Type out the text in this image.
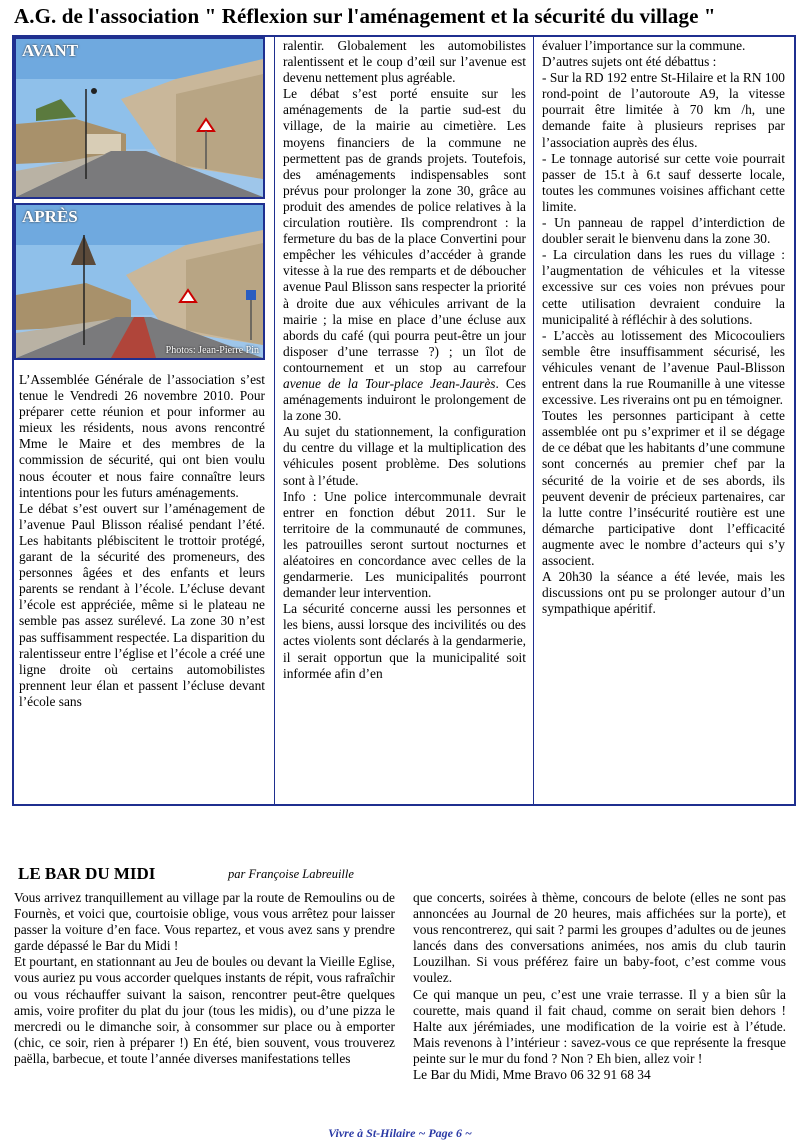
A.G. de l'association " Réflexion sur l'aménagement et la sécurité du village "
AVANT
APRÈS
Photos: Jean-Pierre Pin

L’Assemblée Générale de l’association s’est tenue le Vendredi 26 novembre 2010. Pour préparer cette réunion et pour informer au mieux les résidents, nous avons rencontré Mme le Maire et des membres de la commission de sécurité, qui ont bien voulu nous écouter et nous faire connaître leurs intentions pour les futurs aménagements.

Le débat s’est ouvert sur l’aménagement de l’avenue Paul Blisson réalisé pendant l’été. Les habitants plébiscitent le trottoir protégé, garant de la sécurité des promeneurs, des personnes âgées et des enfants et leurs parents se rendant à l’école. L’écluse devant l’école est appréciée, même si le plateau ne semble pas assez surélevé. La zone 30 n’est pas suffisamment respectée. La disparition du ralentisseur entre l’église et l’école a créé une ligne droite où certains automobilistes prennent leur élan et passent l’écluse devant l’école sans

ralentir. Globalement les automobilistes ralentissent et le coup d’œil sur l’avenue est devenu nettement plus agréable.

Le débat s’est porté ensuite sur les aménagements de la partie sud-est du village, de la mairie au cimetière. Les moyens financiers de la commune ne permettent pas de grands projets. Toutefois, des aménagements indispensables sont prévus pour prolonger la zone 30, grâce au produit des amendes de police relatives à la circulation routière. Ils comprendront : la fermeture du bas de la place Convertini pour empêcher les véhicules d’accéder à grande vitesse à la rue des remparts et de déboucher avenue Paul Blisson sans respecter la priorité à droite due aux véhicules arrivant de la mairie ; la mise en place d’une écluse aux abords du café (qui pourra peut-être un jour disposer d’une terrasse ?) ; un îlot de contournement et un stop au carrefour avenue de la Tour-place Jean-Jaurès. Ces aménagements induiront le prolongement de la zone 30.

Au sujet du stationnement, la configuration du centre du village et la multiplication des véhicules posent problème. Des solutions sont à l’étude.

Info : Une police intercommunale devrait entrer en fonction début 2011. Sur le territoire de la communauté de communes, les patrouilles seront surtout nocturnes et aléatoires en concordance avec celles de la gendarmerie. Les municipalités pourront demander leur intervention.

La sécurité concerne aussi les personnes et les biens, aussi lorsque des incivilités ou des actes violents sont déclarés à la gendarmerie, il serait opportun que la municipalité soit informée afin d’en

évaluer l’importance sur la commune.

D’autres sujets ont été débattus :

- Sur la RD 192 entre St-Hilaire et la RN 100 rond-point de l’autoroute A9, la vitesse pourrait être limitée à 70 km /h, une demande faite à plusieurs reprises par l’association auprès des élus.

- Le tonnage autorisé sur cette voie pourrait passer de 15.t à 6.t sauf desserte locale, toutes les communes voisines affichant cette limite.

- Un panneau de rappel d’interdiction de doubler serait le bienvenu dans la zone 30.

- La circulation dans les rues du village : l’augmentation de véhicules et la vitesse excessive sur ces voies non prévues pour cette utilisation devraient conduire la municipalité à réfléchir à des solutions.

- L’accès au lotissement des Micocouliers semble être insuffisamment sécurisé, les véhicules venant de l’avenue Paul-Blisson entrent dans la rue Roumanille à une vitesse excessive. Les riverains ont pu en témoigner.

Toutes les personnes participant à cette assemblée ont pu s’exprimer et il se dégage de ce débat que les habitants d’une commune sont concernés au premier chef par la sécurité de la voirie et de ses abords, ils peuvent devenir de précieux partenaires, car la lutte contre l’insécurité routière est une démarche participative dont l’efficacité augmente avec le nombre d’acteurs qui s’y associent.

A 20h30 la séance a été levée, mais les discussions ont pu se prolonger autour d’un sympathique apéritif.

LE BAR DU MIDI	par Françoise Labreuille

Vous arrivez tranquillement au village par la route de Remoulins ou de Fournès, et voici que, courtoisie oblige, vous vous arrêtez pour laisser passer la voiture d’en face. Vous repartez, et vous avez sans y prendre garde dépassé le Bar du Midi !

Et pourtant, en stationnant au Jeu de boules ou devant la Vieille Eglise, vous auriez pu vous accorder quelques instants de répit, vous rafraîchir ou vous réchauffer suivant la saison, rencontrer peut-être quelques amis, voire profiter du plat du jour (tous les midis), ou d’une pizza le mercredi ou le dimanche soir, à consommer sur place ou à emporter (chic, ce soir, rien à préparer !) En été, bien souvent, vous trouverez paëlla, barbecue, et toute l’année diverses manifestations telles

que concerts, soirées à thème, concours de belote (elles ne sont pas annoncées au Journal de 20 heures, mais affichées sur la porte), et vous rencontrerez, qui sait ? parmi les groupes d’adultes ou de jeunes lancés dans des conversations animées, nos amis du club taurin Louzilhan. Si vous préférez faire un baby-foot, c’est comme vous voulez.

Ce qui manque un peu, c’est une vraie terrasse. Il y a bien sûr la courette, mais quand il fait chaud, comme on serait bien dehors ! Halte aux jérémiades, une modification de la voirie est à l’étude. Mais revenons à l’intérieur : savez-vous ce que représente la fresque peinte sur le mur du fond ? Non ? Eh bien, allez voir !

Le Bar du Midi, Mme Bravo 06 32 91 68 34

Vivre à St-Hilaire ~ Page 6 ~
